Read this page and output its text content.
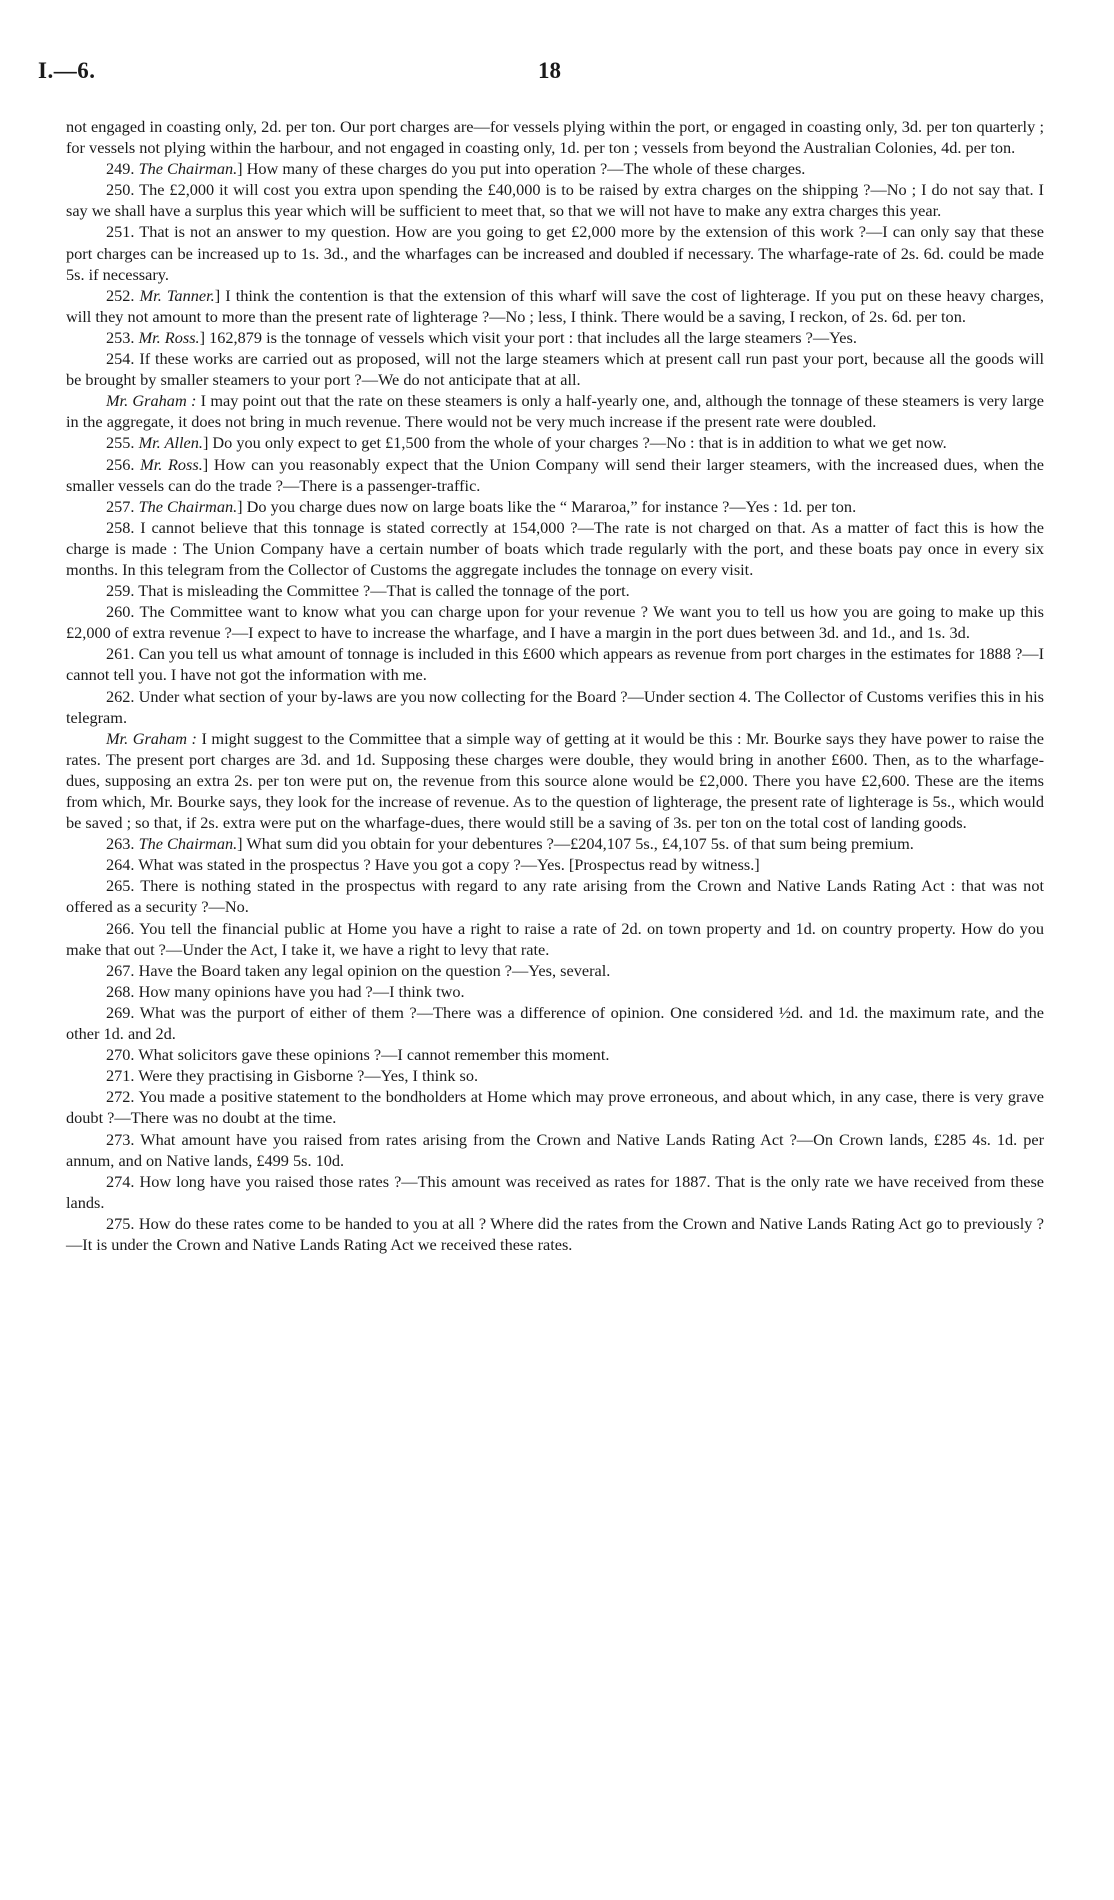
I.—6.	18

not engaged in coasting only, 2d. per ton. Our port charges are—for vessels plying within the port, or engaged in coasting only, 3d. per ton quarterly ; for vessels not plying within the harbour, and not engaged in coasting only, 1d. per ton ; vessels from beyond the Australian Colonies, 4d. per ton.

249. The Chairman.] How many of these charges do you put into operation ?—The whole of these charges.

250. The £2,000 it will cost you extra upon spending the £40,000 is to be raised by extra charges on the shipping ?—No ; I do not say that. I say we shall have a surplus this year which will be sufficient to meet that, so that we will not have to make any extra charges this year.

251. That is not an answer to my question. How are you going to get £2,000 more by the extension of this work ?—I can only say that these port charges can be increased up to 1s. 3d., and the wharfages can be increased and doubled if necessary. The wharfage-rate of 2s. 6d. could be made 5s. if necessary.

252. Mr. Tanner.] I think the contention is that the extension of this wharf will save the cost of lighterage. If you put on these heavy charges, will they not amount to more than the present rate of lighterage ?—No ; less, I think. There would be a saving, I reckon, of 2s. 6d. per ton.

253. Mr. Ross.] 162,879 is the tonnage of vessels which visit your port : that includes all the large steamers ?—Yes.

254. If these works are carried out as proposed, will not the large steamers which at present call run past your port, because all the goods will be brought by smaller steamers to your port ?—We do not anticipate that at all.

Mr. Graham : I may point out that the rate on these steamers is only a half-yearly one, and, although the tonnage of these steamers is very large in the aggregate, it does not bring in much revenue. There would not be very much increase if the present rate were doubled.

255. Mr. Allen.] Do you only expect to get £1,500 from the whole of your charges ?—No : that is in addition to what we get now.

256. Mr. Ross.] How can you reasonably expect that the Union Company will send their larger steamers, with the increased dues, when the smaller vessels can do the trade ?—There is a passenger-traffic.

257. The Chairman.] Do you charge dues now on large boats like the “ Mararoa,” for instance ?—Yes : 1d. per ton.

258. I cannot believe that this tonnage is stated correctly at 154,000 ?—The rate is not charged on that. As a matter of fact this is how the charge is made : The Union Company have a certain number of boats which trade regularly with the port, and these boats pay once in every six months. In this telegram from the Collector of Customs the aggregate includes the tonnage on every visit.

259. That is misleading the Committee ?—That is called the tonnage of the port.

260. The Committee want to know what you can charge upon for your revenue ? We want you to tell us how you are going to make up this £2,000 of extra revenue ?—I expect to have to increase the wharfage, and I have a margin in the port dues between 3d. and 1d., and 1s. 3d.

261. Can you tell us what amount of tonnage is included in this £600 which appears as revenue from port charges in the estimates for 1888 ?—I cannot tell you. I have not got the information with me.

262. Under what section of your by-laws are you now collecting for the Board ?—Under section 4. The Collector of Customs verifies this in his telegram.

Mr. Graham : I might suggest to the Committee that a simple way of getting at it would be this : Mr. Bourke says they have power to raise the rates. The present port charges are 3d. and 1d. Supposing these charges were double, they would bring in another £600. Then, as to the wharfage-dues, supposing an extra 2s. per ton were put on, the revenue from this source alone would be £2,000. There you have £2,600. These are the items from which, Mr. Bourke says, they look for the increase of revenue. As to the question of lighterage, the present rate of lighterage is 5s., which would be saved ; so that, if 2s. extra were put on the wharfage-dues, there would still be a saving of 3s. per ton on the total cost of landing goods.

263. The Chairman.] What sum did you obtain for your debentures ?—£204,107 5s., £4,107 5s. of that sum being premium.

264. What was stated in the prospectus ? Have you got a copy ?—Yes. [Prospectus read by witness.]

265. There is nothing stated in the prospectus with regard to any rate arising from the Crown and Native Lands Rating Act : that was not offered as a security ?—No.

266. You tell the financial public at Home you have a right to raise a rate of 2d. on town property and 1d. on country property. How do you make that out ?—Under the Act, I take it, we have a right to levy that rate.

267. Have the Board taken any legal opinion on the question ?—Yes, several.

268. How many opinions have you had ?—I think two.

269. What was the purport of either of them ?—There was a difference of opinion. One considered ½d. and 1d. the maximum rate, and the other 1d. and 2d.

270. What solicitors gave these opinions ?—I cannot remember this moment.

271. Were they practising in Gisborne ?—Yes, I think so.

272. You made a positive statement to the bondholders at Home which may prove erroneous, and about which, in any case, there is very grave doubt ?—There was no doubt at the time.

273. What amount have you raised from rates arising from the Crown and Native Lands Rating Act ?—On Crown lands, £285 4s. 1d. per annum, and on Native lands, £499 5s. 10d.

274. How long have you raised those rates ?—This amount was received as rates for 1887. That is the only rate we have received from these lands.

275. How do these rates come to be handed to you at all ? Where did the rates from the Crown and Native Lands Rating Act go to previously ?—It is under the Crown and Native Lands Rating Act we received these rates.
